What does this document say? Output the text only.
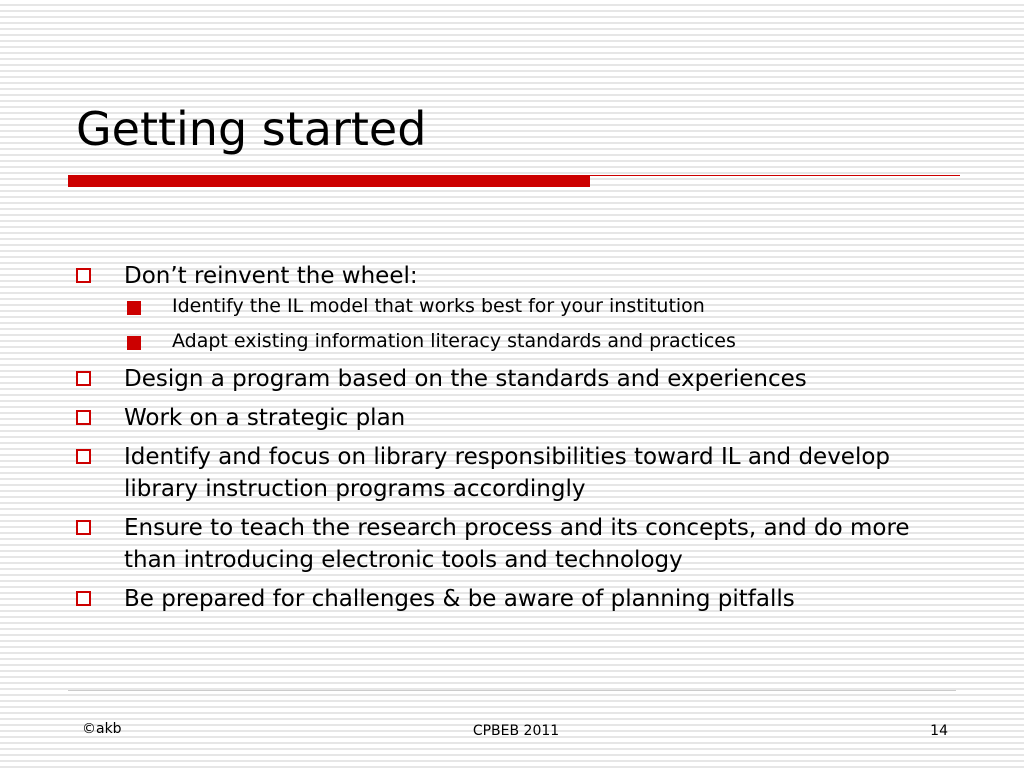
Getting started
Don’t reinvent the wheel:
Identify the IL model that works best for your institution
Adapt existing information literacy standards and practices
Design a program based on the standards and experiences
Work on a strategic plan
Identify and focus on library responsibilities toward IL and develop library instruction programs accordingly
Ensure to teach the research process and its concepts, and do more than introducing electronic tools and technology
Be prepared for challenges & be aware of planning pitfalls
©akb	CPBEB 2011	14
